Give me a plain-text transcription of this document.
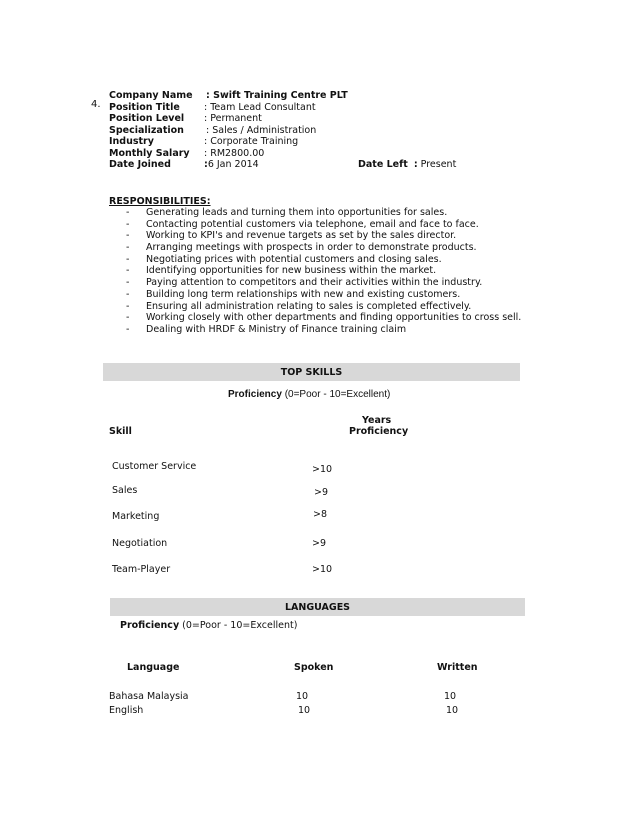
4.
Company Name : Swift Training Centre PLT
Position Title	: Team Lead Consultant
Position Level : Permanent
Specialization : Sales / Administration
Industry	: Corporate Training
Monthly Salary : RM2800.00
Date Joined	:6 Jan 2014	Date Left : Present
RESPONSIBILITIES:
- Generating leads and turning them into opportunities for sales.
- Contacting potential customers via telephone, email and face to face.
- Working to KPI's and revenue targets as set by the sales director.
- Arranging meetings with prospects in order to demonstrate products.
- Negotiating prices with potential customers and closing sales.
- Identifying opportunities for new business within the market.
- Paying attention to competitors and their activities within the industry.
- Building long term relationships with new and existing customers.
- Ensuring all administration relating to sales is completed effectively.
- Working closely with other departments and finding opportunities to cross sell.
- Dealing with HRDF & Ministry of Finance training claim
TOP SKILLS
Proficiency (0=Poor - 10=Excellent)
Skill
Years
Proficiency
Customer Service	>10
Sales	>9
Marketing	>8
Negotiation	>9
Team-Player	>10
LANGUAGES
Proficiency (0=Poor - 10=Excellent)
Language	Spoken	Written
Bahasa Malaysia	10	10
English	10	10
